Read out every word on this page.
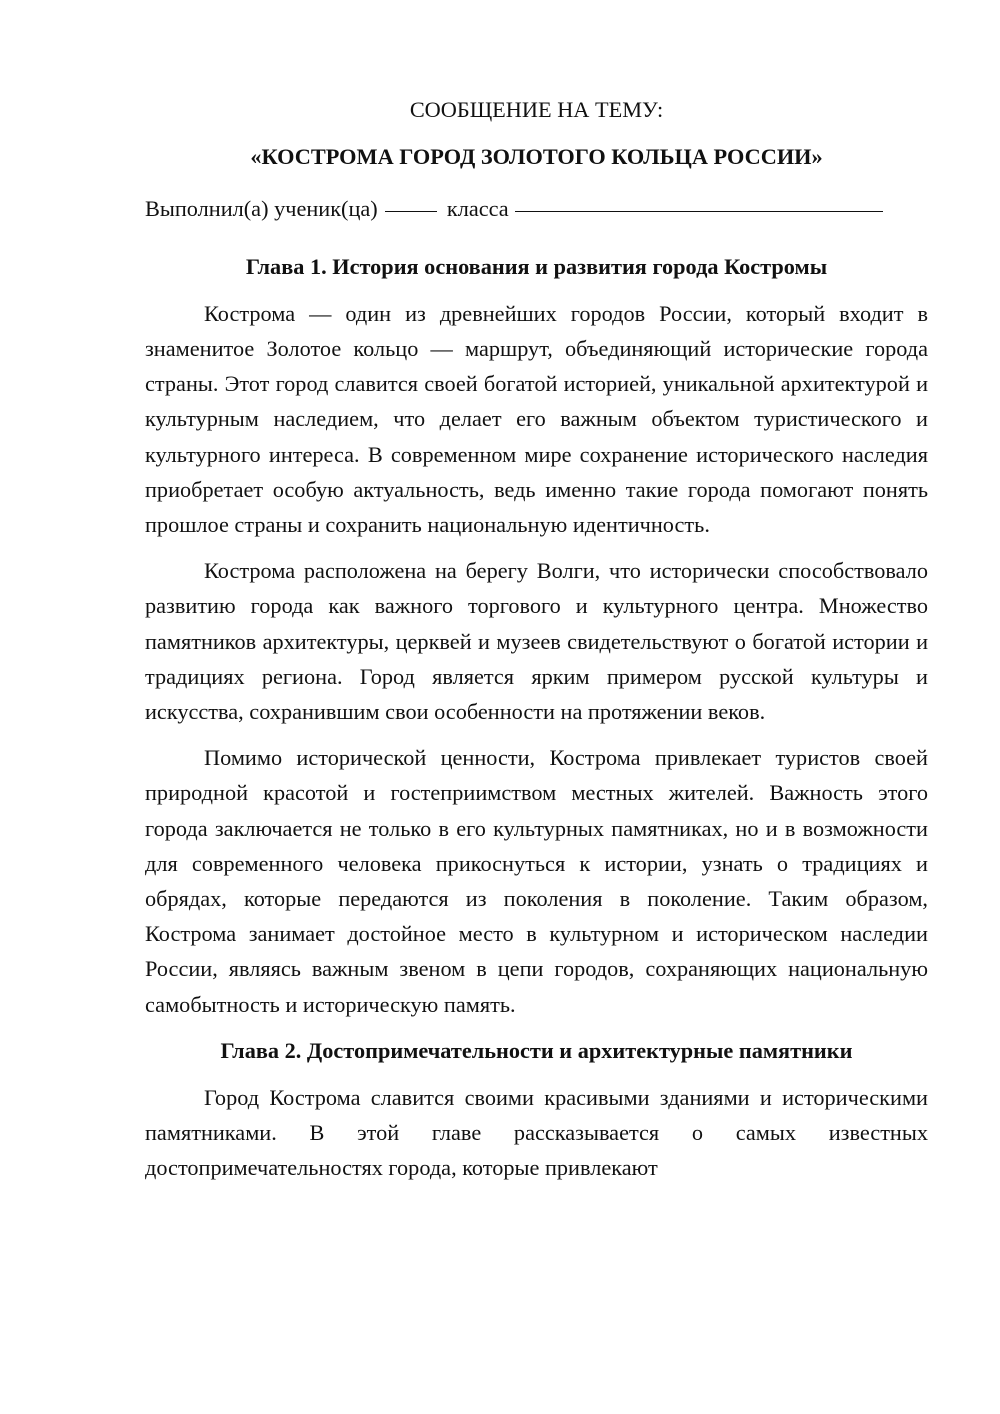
СООБЩЕНИЕ НА ТЕМУ:

«КОСТРОМА ГОРОД ЗОЛОТОГО КОЛЬЦА РОССИИ»

Выполнил(а) ученик(ца)	класса

Глава 1. История основания и развития города Костромы

Кострома — один из древнейших городов России, который входит в знаменитое Золотое кольцо — маршрут, объединяющий исторические города страны. Этот город славится своей богатой историей, уникальной архитектурой и культурным наследием, что делает его важным объектом туристического и культурного интереса. В современном мире сохранение исторического наследия приобретает особую актуальность, ведь именно такие города помогают понять прошлое страны и сохранить национальную идентичность.

Кострома расположена на берегу Волги, что исторически способствовало развитию города как важного торгового и культурного центра. Множество памятников архитектуры, церквей и музеев свидетельствуют о богатой истории и традициях региона. Город является ярким примером русской культуры и искусства, сохранившим свои особенности на протяжении веков.

Помимо исторической ценности, Кострома привлекает туристов своей природной красотой и гостеприимством местных жителей. Важность этого города заключается не только в его культурных памятниках, но и в возможности для современного человека прикоснуться к истории, узнать о традициях и обрядах, которые передаются из поколения в поколение. Таким образом, Кострома занимает достойное место в культурном и историческом наследии России, являясь важным звеном в цепи городов, сохраняющих национальную самобытность и историческую память.

Глава 2. Достопримечательности и архитектурные памятники

Город Кострома славится своими красивыми зданиями и историческими памятниками. В этой главе рассказывается о самых известных достопримечательностях города, которые привлекают
